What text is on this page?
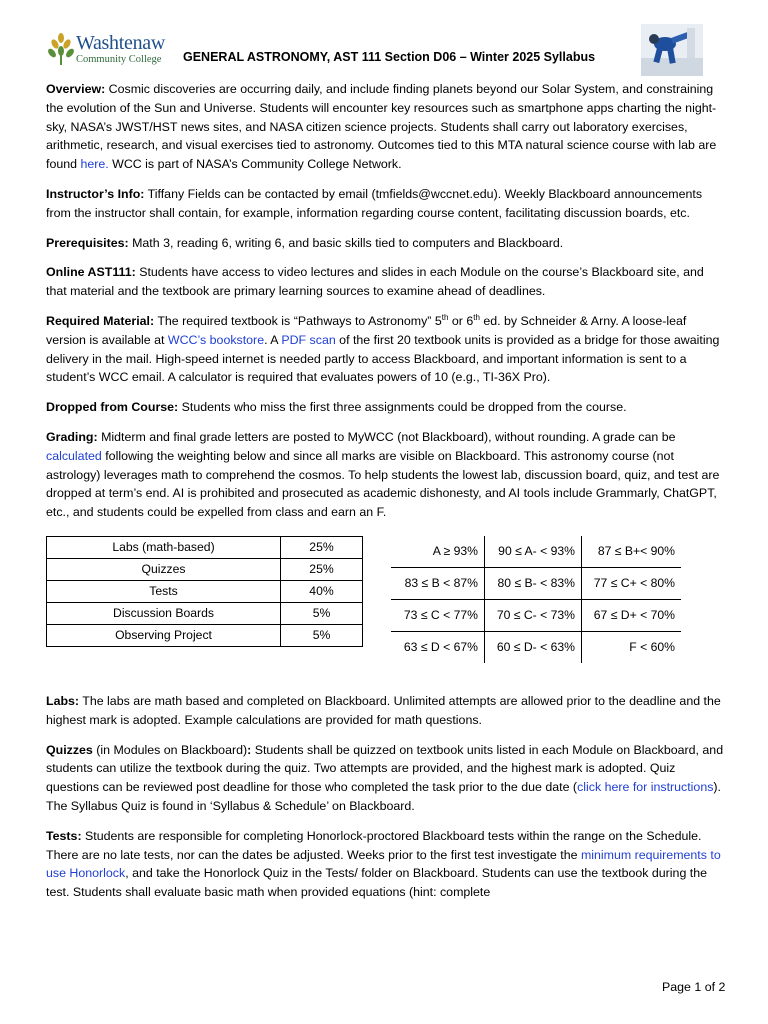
Washtenaw
Community College GENERAL ASTRONOMY, AST 111 Section D06 – Winter 2025 Syllabus

Overview: Cosmic discoveries are occurring daily, and include finding planets beyond our Solar System, and constraining the evolution of the Sun and Universe. Students will encounter key resources such as smartphone apps charting the night-sky, NASA’s JWST/HST news sites, and NASA citizen science projects. Students shall carry out laboratory exercises, arithmetic, research, and visual exercises tied to astronomy. Outcomes tied to this MTA natural science course with lab are found here. WCC is part of NASA’s Community College Network.

Instructor’s Info: Tiffany Fields can be contacted by email (tmfields@wccnet.edu). Weekly Blackboard announcements from the instructor shall contain, for example, information regarding course content, facilitating discussion boards, etc.

Prerequisites: Math 3, reading 6, writing 6, and basic skills tied to computers and Blackboard.

Online AST111: Students have access to video lectures and slides in each Module on the course’s Blackboard site, and that material and the textbook are primary learning sources to examine ahead of deadlines.

Required Material: The required textbook is “Pathways to Astronomy” 5th or 6th ed. by Schneider & Arny. A loose-leaf version is available at WCC’s bookstore. A PDF scan of the first 20 textbook units is provided as a bridge for those awaiting delivery in the mail. High-speed internet is needed partly to access Blackboard, and important information is sent to a student’s WCC email. A calculator is required that evaluates powers of 10 (e.g., TI-36X Pro).

Dropped from Course: Students who miss the first three assignments could be dropped from the course.

Grading: Midterm and final grade letters are posted to MyWCC (not Blackboard), without rounding. A grade can be calculated following the weighting below and since all marks are visible on Blackboard. This astronomy course (not astrology) leverages math to comprehend the cosmos. To help students the lowest lab, discussion board, quiz, and test are dropped at term’s end. AI is prohibited and prosecuted as academic dishonesty, and AI tools include Grammarly, ChatGPT, etc., and students could be expelled from class and earn an F.

Labs (math-based)	25%
Quizzes	25%
Tests	40%
Discussion Boards	5%
Observing Project	5%
A ≥ 93%	90 ≤ A- < 93%	87 ≤ B+< 90%
83 ≤ B < 87%	80 ≤ B- < 83%	77 ≤ C+ < 80%
73 ≤ C < 77%	70 ≤ C- < 73%	67 ≤ D+ < 70%
63 ≤ D < 67%	60 ≤ D- < 63%	F < 60%

Labs: The labs are math based and completed on Blackboard. Unlimited attempts are allowed prior to the deadline and the highest mark is adopted. Example calculations are provided for math questions.

Quizzes (in Modules on Blackboard): Students shall be quizzed on textbook units listed in each Module on Blackboard, and students can utilize the textbook during the quiz. Two attempts are provided, and the highest mark is adopted. Quiz questions can be reviewed post deadline for those who completed the task prior to the due date (click here for instructions). The Syllabus Quiz is found in ‘Syllabus & Schedule’ on Blackboard.

Tests: Students are responsible for completing Honorlock-proctored Blackboard tests within the range on the Schedule. There are no late tests, nor can the dates be adjusted. Weeks prior to the first test investigate the minimum requirements to use Honorlock, and take the Honorlock Quiz in the Tests/ folder on Blackboard. Students can use the textbook during the test. Students shall evaluate basic math when provided equations (hint: complete

Page 1 of 2
